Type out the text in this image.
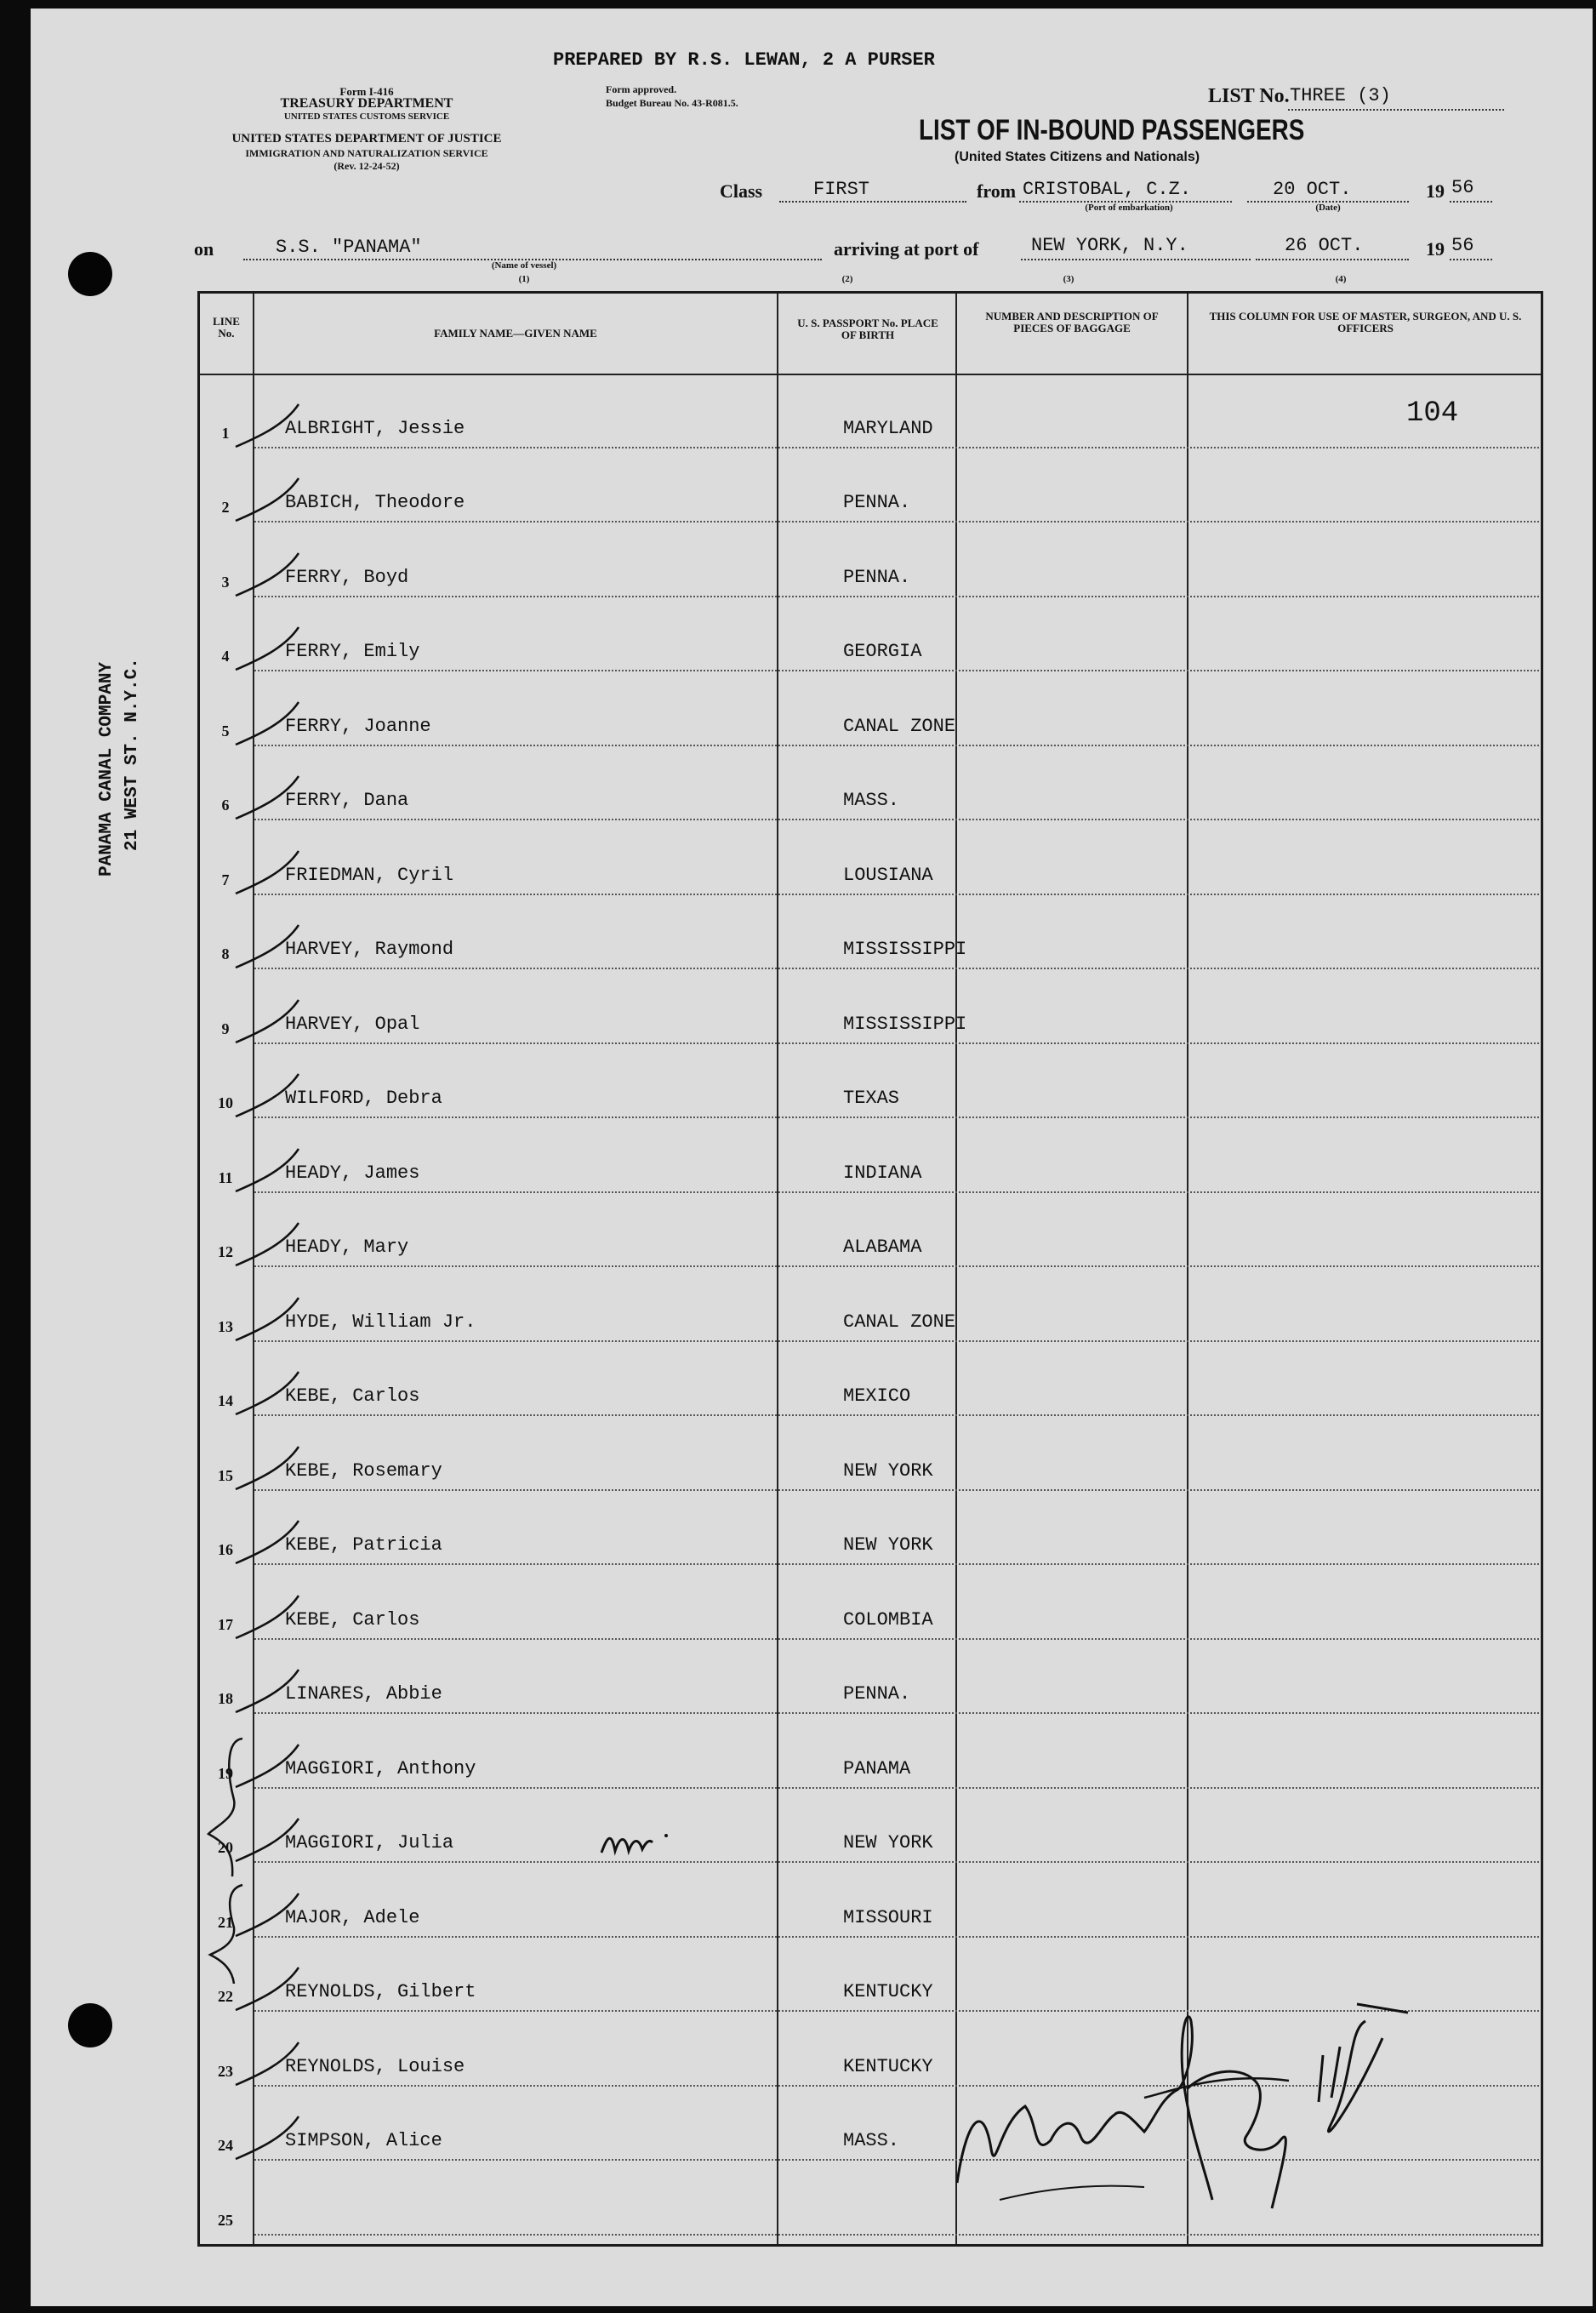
PREPARED BY R.S. LEWAN, 2 A PURSER
Form I-416
TREASURY DEPARTMENT
UNITED STATES CUSTOMS SERVICE
Form approved.
Budget Bureau No. 43-R081.5.
UNITED STATES DEPARTMENT OF JUSTICE
IMMIGRATION AND NATURALIZATION SERVICE
(Rev. 12-24-52)
LIST No. THREE (3)
LIST OF IN-BOUND PASSENGERS
(United States Citizens and Nationals)
Class	FIRST	from CRISTOBAL, C.Z.
(Port of embarkation)
20 OCT.
(Date)
19 56
on	S.S. "PANAMA"
(Name of vessel)
(1)
arriving at port of	NEW YORK, N.Y.	26 OCT.	19 56
(2)	(3)	(4)
PANAMA CANAL COMPANY 21 WEST ST. N.Y.C.
LINE No.	FAMILY NAME—GIVEN NAME
U. S. PASSPORT No. PLACE OF BIRTH
NUMBER AND DESCRIPTION OF PIECES OF BAGGAGE
THIS COLUMN FOR USE OF MASTER, SURGEON, AND U. S. OFFICERS
104
1	ALBRIGHT, Jessie	MARYLAND
2	BABICH, Theodore	PENNA.
3	FERRY, Boyd	PENNA.
4	FERRY, Emily	GEORGIA
5	FERRY, Joanne	CANAL ZONE
6	FERRY, Dana	MASS.
7	FRIEDMAN, Cyril	LOUSIANA
8	HARVEY, Raymond	MISSISSIPPI
9	HARVEY, Opal	MISSISSIPPI
10	WILFORD, Debra	TEXAS
11	HEADY, James	INDIANA
12	HEADY, Mary	ALABAMA
13	HYDE, William Jr.	CANAL ZONE
14	KEBE, Carlos	MEXICO
15	KEBE, Rosemary	NEW YORK
16	KEBE, Patricia	NEW YORK
17	KEBE, Carlos	COLOMBIA
18	LINARES, Abbie	PENNA.
19	MAGGIORI, Anthony	PANAMA
20	MAGGIORI, Julia	NEW YORK
21	MAJOR, Adele	MISSOURI
22	REYNOLDS, Gilbert	KENTUCKY
23	REYNOLDS, Louise	KENTUCKY
24	SIMPSON, Alice	MASS.
25
